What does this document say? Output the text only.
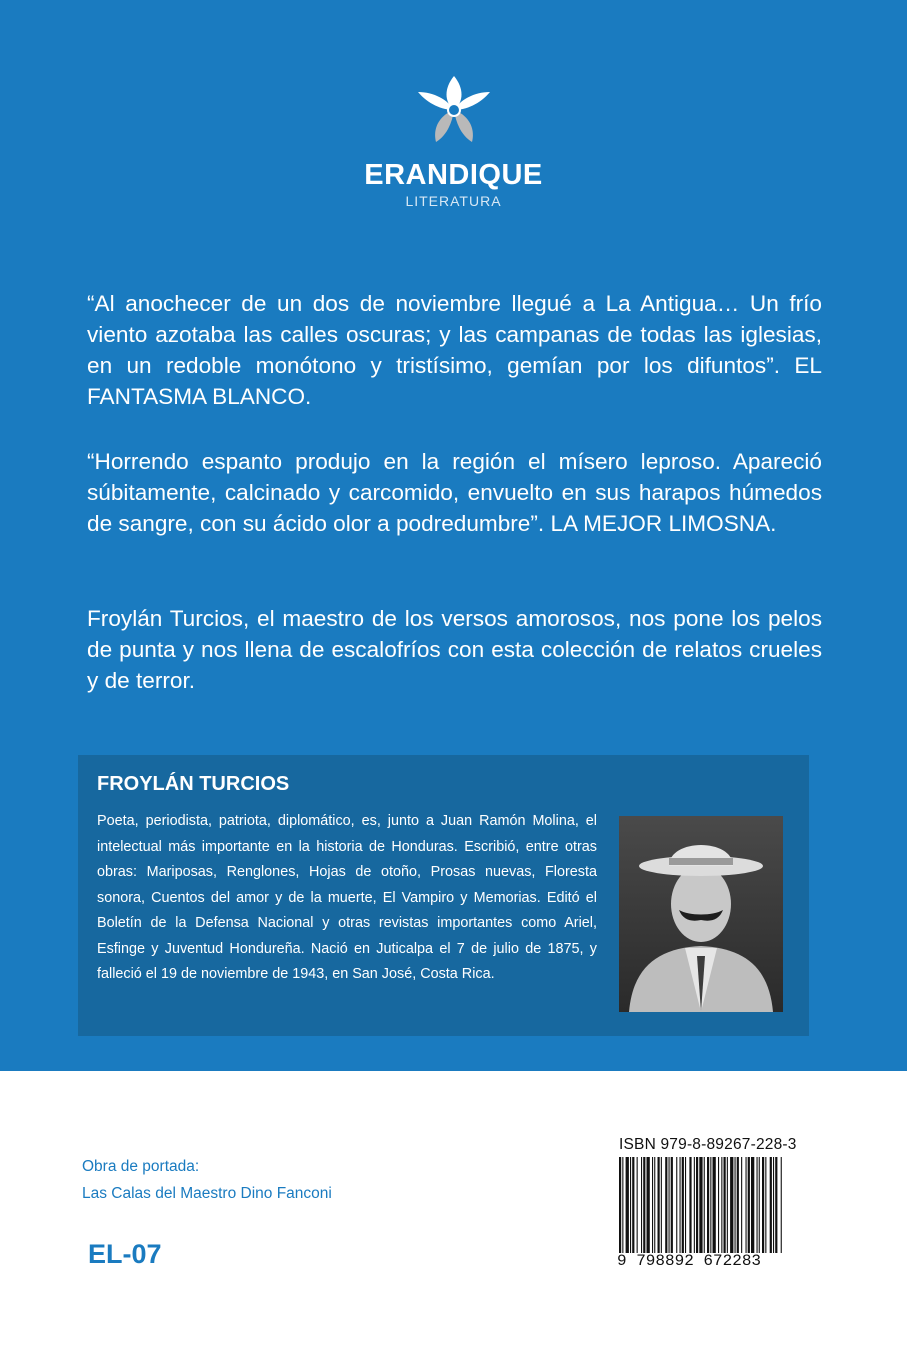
ERANDIQUE
LITERATURA

“Al anochecer de un dos de noviembre llegué a La Antigua… Un frío viento azotaba las calles oscuras; y las campanas de todas las iglesias, en un redoble monótono y tristísimo, gemían por los difuntos”. EL FANTASMA BLANCO.

“Horrendo espanto produjo en la región el mísero leproso. Apareció súbitamente, calcinado y carcomido, envuelto en sus harapos húmedos de sangre, con su ácido olor a podredumbre”. LA MEJOR LIMOSNA.

Froylán Turcios, el maestro de los versos amorosos, nos pone los pelos de punta y nos llena de escalofríos con esta colección de relatos crueles y de terror.

FROYLÁN TURCIOS

Poeta, periodista, patriota, diplomático, es, junto a Juan Ramón Molina, el intelectual más importante en la historia de Honduras. Escribió, entre otras obras: Mariposas, Renglones, Hojas de otoño, Prosas nuevas, Floresta sonora, Cuentos del amor y de la muerte, El Vampiro y Memorias. Editó el Boletín de la Defensa Nacional y otras revistas importantes como Ariel, Esfinge y Juventud Hondureña. Nació en Juticalpa el 7 de julio de 1875, y falleció el 19 de noviembre de 1943, en San José, Costa Rica.

Obra de portada:
Las Calas del Maestro Dino Fanconi
EL-07
ISBN 979-8-89267-228-3
9 798892 672283
